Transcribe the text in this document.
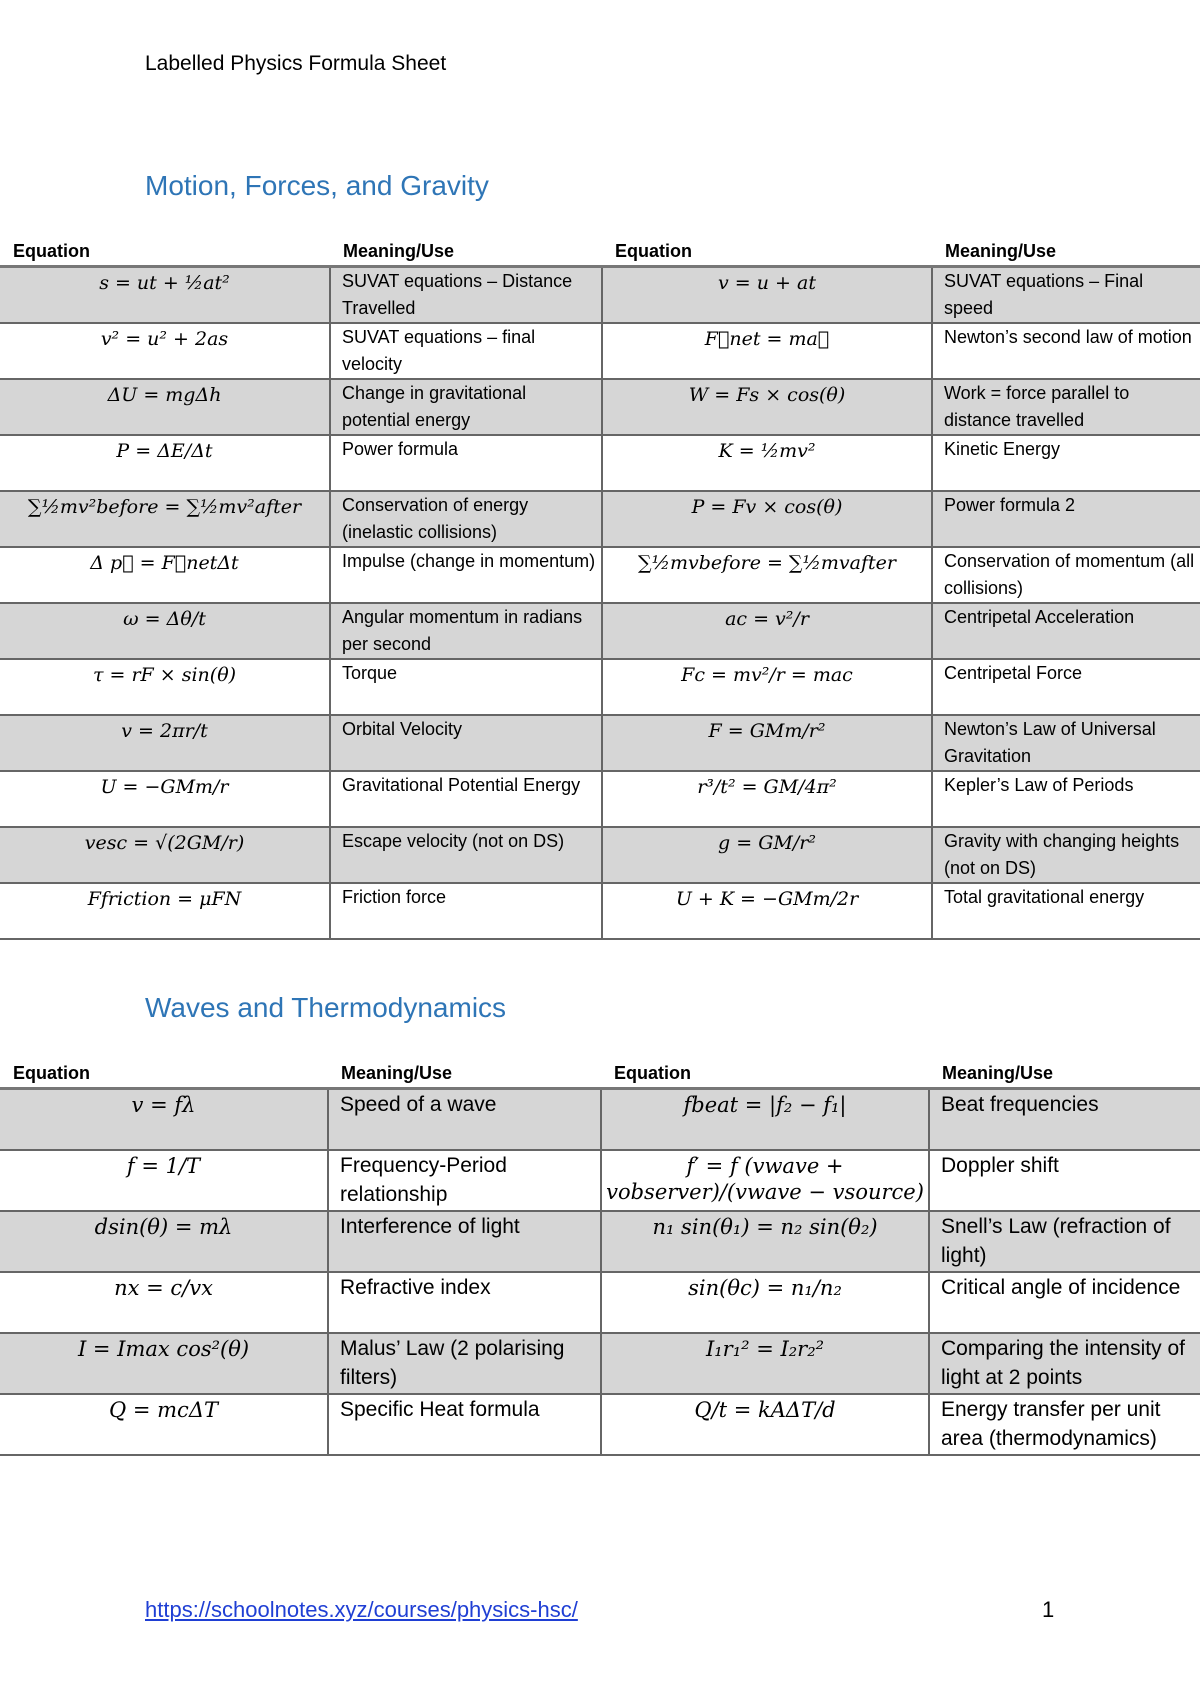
Labelled Physics Formula Sheet
Motion, Forces, and Gravity
Equation	Meaning/Use	Equation	Meaning/Use
s = ut + ½at²	SUVAT equations – Distance Travelled	v = u + at	SUVAT equations – Final speed
v² = u² + 2as	SUVAT equations – final velocity	F⃗net = ma⃗	Newton’s second law of motion
ΔU = mgΔh	Change in gravitational potential energy	W = Fs × cos(θ)	Work = force parallel to distance travelled
P = ΔE/Δt	Power formula	K = ½mv²	Kinetic Energy
∑½mv²before = ∑½mv²after	Conservation of energy (inelastic collisions)	P = Fv × cos(θ)	Power formula 2
Δ p⃗ = F⃗netΔt	Impulse (change in momentum)	∑½mvbefore = ∑½mvafter	Conservation of momentum (all collisions)
ω = Δθ/t	Angular momentum in radians per second	ac = v²/r	Centripetal Acceleration
τ = rF × sin(θ)	Torque	Fc = mv²/r = mac	Centripetal Force
v = 2πr/t	Orbital Velocity	F = GMm/r²	Newton’s Law of Universal Gravitation
U = −GMm/r	Gravitational Potential Energy	r³/t² = GM/4π²	Kepler’s Law of Periods
vesc = √(2GM/r)	Escape velocity (not on DS)	g = GM/r²	Gravity with changing heights (not on DS)
Ffriction = μFN	Friction force	U + K = −GMm/2r	Total gravitational energy
Waves and Thermodynamics
Equation	Meaning/Use	Equation	Meaning/Use
v = fλ	Speed of a wave	fbeat = |f₂ − f₁|	Beat frequencies
f = 1/T	Frequency-Period relationship	f′ = f (vwave + vobserver)/(vwave − vsource)	Doppler shift
dsin(θ) = mλ	Interference of light	n₁ sin(θ₁) = n₂ sin(θ₂)	Snell’s Law (refraction of light)
nx = c/vx	Refractive index	sin(θc) = n₁/n₂	Critical angle of incidence
I = Imax cos²(θ)	Malus’ Law (2 polarising filters)	I₁r₁² = I₂r₂²	Comparing the intensity of light at 2 points
Q = mcΔT	Specific Heat formula	Q/t = kAΔT/d	Energy transfer per unit area (thermodynamics)
https://schoolnotes.xyz/courses/physics-hsc/	1
